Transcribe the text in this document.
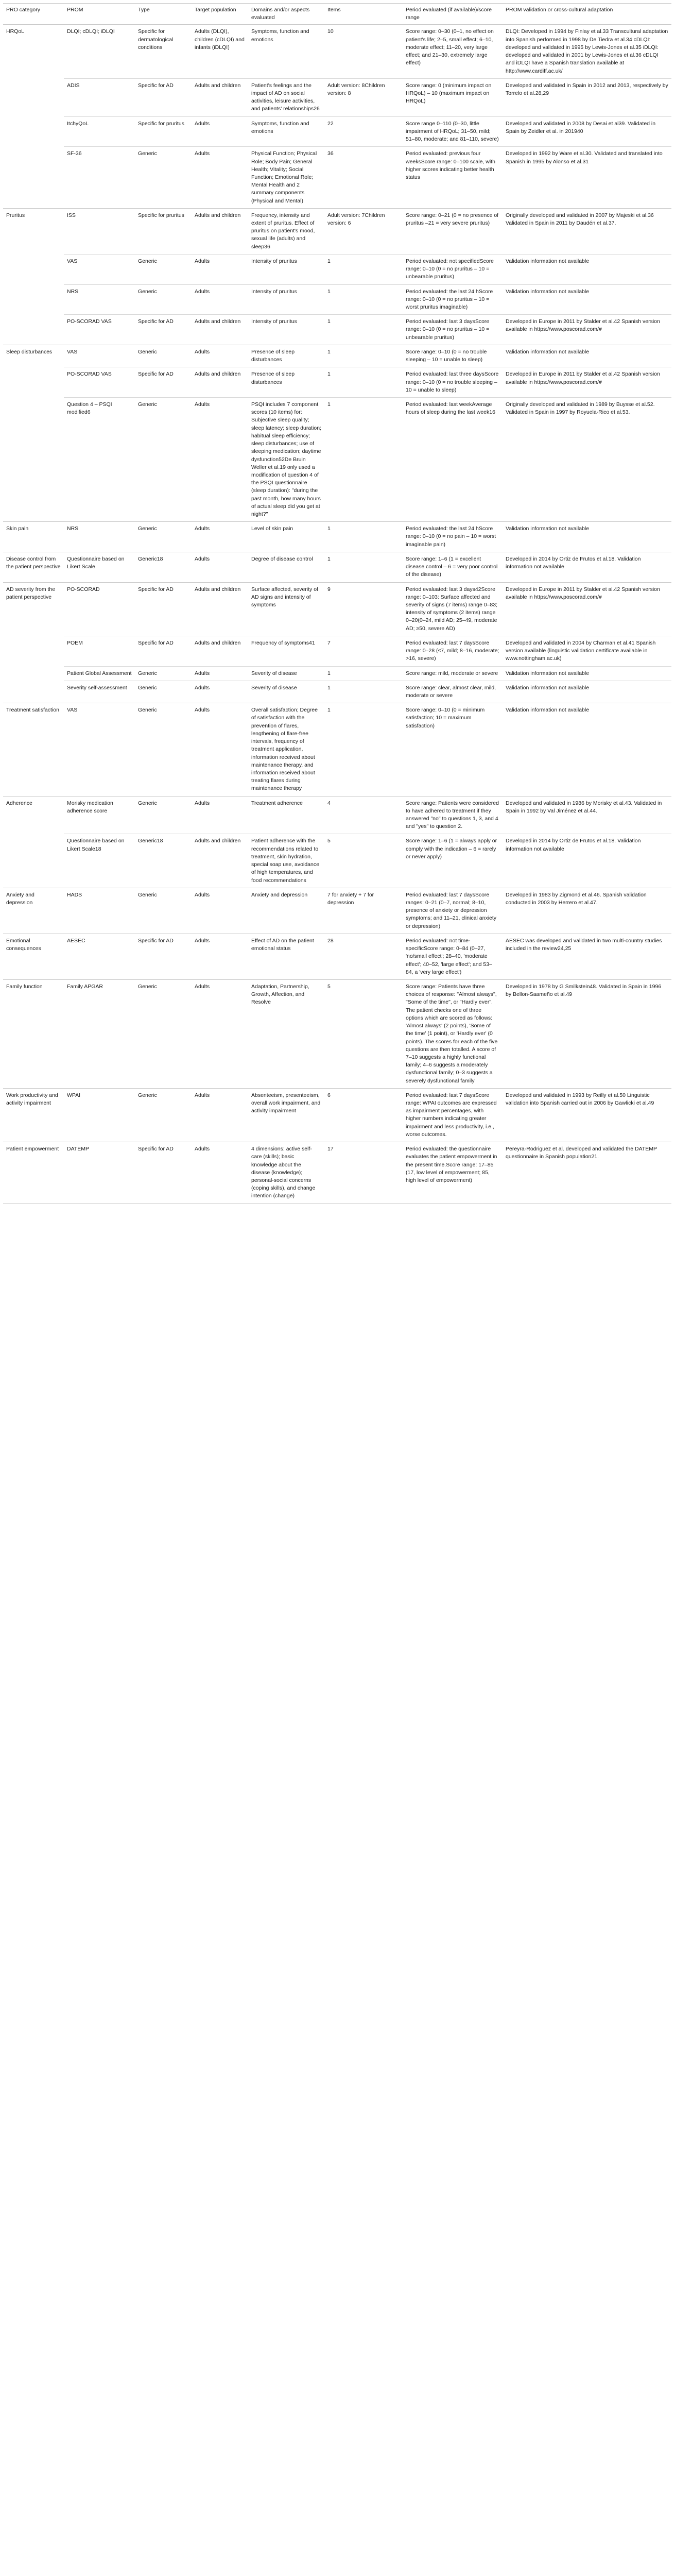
PRO category	PROM	Type	Target population	Domains and/or aspects evaluated	Items	Period evaluated (if available)/score range	PROM validation or cross-cultural adaptation
HRQoL	DLQI; cDLQI; iDLQI	Specific for dermatological conditions	Adults (DLQI), children (cDLQI) and infants (iDLQI)	Symptoms, function and emotions	10	Score range: 0–30 (0–1, no effect on patient's life; 2–5, small effect; 6–10, moderate effect; 11–20, very large effect; and 21–30, extremely large effect)	DLQI: Developed in 1994 by Finlay et al.33 Transcultural adaptation into Spanish performed in 1998 by De Tiedra et al.34 cDLQI: developed and validated in 1995 by Lewis-Jones et al.35 iDLQI: developed and validated in 2001 by Lewis-Jones et al.36 cDLQI and iDLQI have a Spanish translation available at http://www.cardiff.ac.uk/
	ADIS	Specific for AD	Adults and children	Patient's feelings and the impact of AD on social activities, leisure activities, and patients' relationships26	Adult version: 8Children version: 8	Score range: 0 (minimum impact on HRQoL) – 10 (maximum impact on HRQoL)	Developed and validated in Spain in 2012 and 2013, respectively by Torrelo et al.28,29
	ItchyQoL	Specific for pruritus	Adults	Symptoms, function and emotions	22	Score range 0–110 (0–30, little impairment of HRQoL; 31–50, mild; 51–80, moderate; and 81–110, severe)	Developed and validated in 2008 by Desai et al39. Validated in Spain by Zeidler et al. in 201940
	SF-36	Generic	Adults	Physical Function; Physical Role; Body Pain; General Health; Vitality; Social Function; Emotional Role; Mental Health and 2 summary components (Physical and Mental)	36	Period evaluated: previous four weeksScore range: 0–100 scale, with higher scores indicating better health status	Developed in 1992 by Ware et al.30. Validated and translated into Spanish in 1995 by Alonso et al.31
Pruritus	ISS	Specific for pruritus	Adults and children	Frequency, intensity and extent of pruritus. Effect of pruritus on patient's mood, sexual life (adults) and sleep36	Adult version: 7Children version: 6	Score range: 0–21 (0 = no presence of pruritus –21 = very severe pruritus)	Originally developed and validated in 2007 by Majeski et al.36 Validated in Spain in 2011 by Daudén et al.37.
	VAS	Generic	Adults	Intensity of pruritus	1	Period evaluated: not specifiedScore range: 0–10 (0 = no pruritus – 10 = unbearable pruritus)	Validation information not available
	NRS	Generic	Adults	Intensity of pruritus	1	Period evaluated: the last 24 hScore range: 0–10 (0 = no pruritus – 10 = worst pruritus imaginable)	Validation information not available
	PO-SCORAD VAS	Specific for AD	Adults and children	Intensity of pruritus	1	Period evaluated: last 3 daysScore range: 0–10 (0 = no pruritus – 10 = unbearable pruritus)	Developed in Europe in 2011 by Stalder et al.42 Spanish version available in https://www.poscorad.com/#
Sleep disturbances	VAS	Generic	Adults	Presence of sleep disturbances	1	Score range: 0–10 (0 = no trouble sleeping – 10 = unable to sleep)	Validation information not available
	PO-SCORAD VAS	Specific for AD	Adults and children	Presence of sleep disturbances	1	Period evaluated: last three daysScore range: 0–10 (0 = no trouble sleeping – 10 = unable to sleep)	Developed in Europe in 2011 by Stalder et al.42 Spanish version available in https://www.poscorad.com/#
	Question 4 – PSQI modified6	Generic	Adults	PSQI includes 7 component scores (10 items) for: Subjective sleep quality; sleep latency; sleep duration; habitual sleep efficiency; sleep disturbances; use of sleeping medication; daytime dysfunction52De Bruin Weller et al.19 only used a modification of question 4 of the PSQI questionnaire (sleep duration): "during the past month, how many hours of actual sleep did you get at night?"	1	Period evaluated: last weekAverage hours of sleep during the last week16	Originally developed and validated in 1989 by Buysse et al.52. Validated in Spain in 1997 by Royuela-Rico et al.53.
Skin pain	NRS	Generic	Adults	Level of skin pain	1	Period evaluated: the last 24 hScore range: 0–10 (0 = no pain – 10 = worst imaginable pain)	Validation information not available
Disease control from the patient perspective	Questionnaire based on Likert Scale	Generic18	Adults	Degree of disease control	1	Score range: 1–6 (1 = excellent disease control – 6 = very poor control of the disease)	Developed in 2014 by Ortiz de Frutos et al.18. Validation information not available
AD severity from the patient perspective	PO-SCORAD	Specific for AD	Adults and children	Surface affected, severity of AD signs and intensity of symptoms	9	Period evaluated: last 3 days42Score range: 0–103: Surface affected and severity of signs (7 items) range 0–83; intensity of symptoms (2 items) range 0–20(0–24, mild AD; 25–49, moderate AD; ≥50, severe AD)	Developed in Europe in 2011 by Stalder et al.42 Spanish version available in https://www.poscorad.com/#
	POEM	Specific for AD	Adults and children	Frequency of symptoms41	7	Period evaluated: last 7 daysScore range: 0–28 (≤7, mild; 8–16, moderate; >16, severe)	Developed and validated in 2004 by Charman et al.41 Spanish version available (linguistic validation certificate available in www.nottingham.ac.uk)
	Patient Global Assessment	Generic	Adults	Severity of disease	1	Score range: mild, moderate or severe	Validation information not available
	Severity self-assessment	Generic	Adults	Severity of disease	1	Score range: clear, almost clear, mild, moderate or severe	Validation information not available
Treatment satisfaction	VAS	Generic	Adults	Overall satisfaction; Degree of satisfaction with the prevention of flares, lengthening of flare-free intervals, frequency of treatment application, information received about maintenance therapy, and information received about treating flares during maintenance therapy	1	Score range: 0–10 (0 = minimum satisfaction; 10 = maximum satisfaction)	Validation information not available
Adherence	Morisky medication adherence score	Generic	Adults	Treatment adherence	4	Score range: Patients were considered to have adhered to treatment if they answered "no" to questions 1, 3, and 4 and "yes" to question 2.	Developed and validated in 1986 by Morisky et al.43. Validated in Spain in 1992 by Val Jiménez et al.44.
	Questionnaire based on Likert Scale18	Generic18	Adults and children	Patient adherence with the recommendations related to treatment, skin hydration, special soap use, avoidance of high temperatures, and food recommendations	5	Score range: 1–6 (1 = always apply or comply with the indication – 6 = rarely or never apply)	Developed in 2014 by Ortiz de Frutos et al.18. Validation information not available
Anxiety and depression	HADS	Generic	Adults	Anxiety and depression	7 for anxiety + 7 for depression	Period evaluated: last 7 daysScore ranges: 0–21 (0–7, normal; 8–10, presence of anxiety or depression symptoms; and 11–21, clinical anxiety or depression)	Developed in 1983 by Zigmond et al.46. Spanish validation conducted in 2003 by Herrero et al.47.
Emotional consequences	AESEC	Specific for AD	Adults	Effect of AD on the patient emotional status	28	Period evaluated: not time-specificScore range: 0–84 (0–27, 'no/small effect'; 28–40, 'moderate effect'; 40–52, 'large effect'; and 53–84, a 'very large effect')	AESEC was developed and validated in two multi-country studies included in the review24,25
Family function	Family APGAR	Generic	Adults	Adaptation, Partnership, Growth, Affection, and Resolve	5	Score range: Patients have three choices of response: "Almost always", "Some of the time", or "Hardly ever". The patient checks one of three options which are scored as follows: 'Almost always' (2 points), 'Some of the time' (1 point), or 'Hardly ever' (0 points). The scores for each of the five questions are then totalled. A score of 7–10 suggests a highly functional family; 4–6 suggests a moderately dysfunctional family; 0–3 suggests a severely dysfunctional family	Developed in 1978 by G Smilkstein48. Validated in Spain in 1996 by Bellon-Saameño et al.49
Work productivity and activity impairment	WPAI	Generic	Adults	Absenteeism, presenteeism, overall work impairment, and activity impairment	6	Period evaluated: last 7 daysScore range: WPAI outcomes are expressed as impairment percentages, with higher numbers indicating greater impairment and less productivity, i.e., worse outcomes.	Developed and validated in 1993 by Reilly et al.50 Linguistic validation into Spanish carried out in 2006 by Gawlicki et al.49
Patient empowerment	DATEMP	Specific for AD	Adults	4 dimensions: active self-care (skills); basic knowledge about the disease (knowledge); personal-social concerns (coping skills), and change intention (change)	17	Period evaluated: the questionnaire evaluates the patient empowerment in the present time.Score range: 17–85 (17, low level of empowerment; 85, high level of empowerment)	Pereyra-Rodriguez et al. developed and validated the DATEMP questionnaire in Spanish population21.
